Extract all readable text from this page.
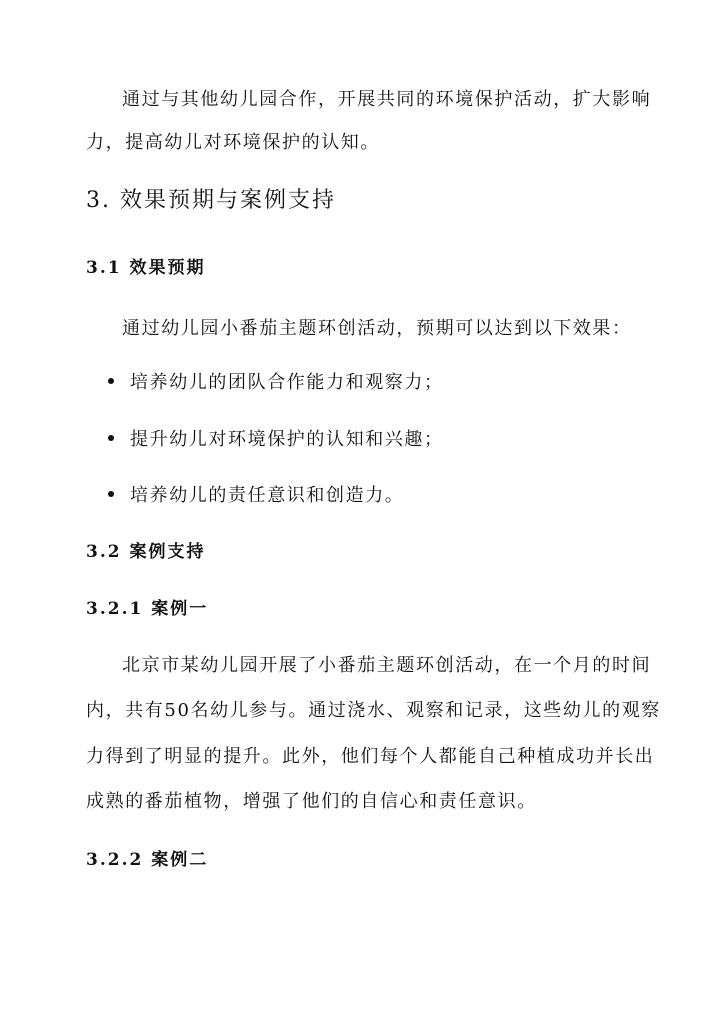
通过与其他幼儿园合作，开展共同的环境保护活动，扩大影响
力，提高幼儿对环境保护的认知。
3. 效果预期与案例支持
3.1 效果预期
通过幼儿园小番茄主题环创活动，预期可以达到以下效果：
培养幼儿的团队合作能力和观察力；
提升幼儿对环境保护的认知和兴趣；
培养幼儿的责任意识和创造力。
3.2 案例支持
3.2.1 案例一
北京市某幼儿园开展了小番茄主题环创活动，在一个月的时间
内，共有50名幼儿参与。通过浇水、观察和记录，这些幼儿的观察
力得到了明显的提升。此外，他们每个人都能自己种植成功并长出
成熟的番茄植物，增强了他们的自信心和责任意识。
3.2.2 案例二
